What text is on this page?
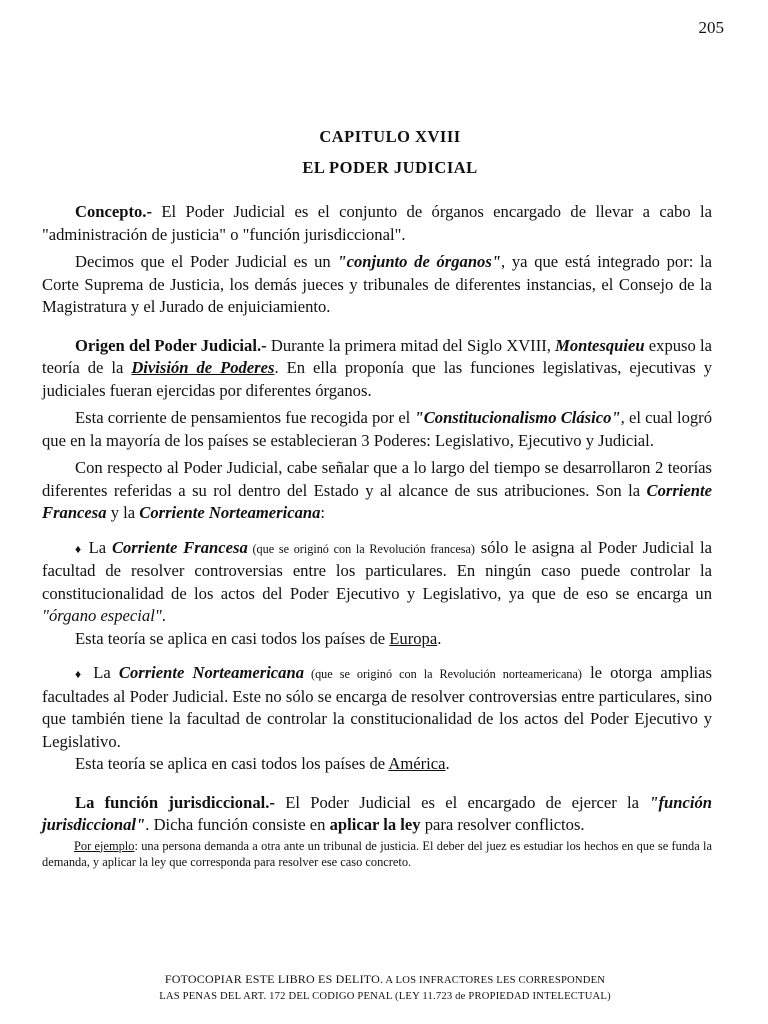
205
CAPITULO XVIII
EL PODER JUDICIAL

Concepto.- El Poder Judicial es el conjunto de órganos encargado de llevar a cabo la "administración de justicia" o "función jurisdiccional".

Decimos que el Poder Judicial es un "conjunto de órganos", ya que está integrado por: la Corte Suprema de Justicia, los demás jueces y tribunales de diferentes instancias, el Consejo de la Magistratura y el Jurado de enjuiciamiento.

Origen del Poder Judicial.- Durante la primera mitad del Siglo XVIII, Montesquieu expuso la teoría de la División de Poderes. En ella proponía que las funciones legislativas, ejecutivas y judiciales fueran ejercidas por diferentes órganos.

Esta corriente de pensamientos fue recogida por el "Constitucionalismo Clásico", el cual logró que en la mayoría de los países se establecieran 3 Poderes: Legislativo, Ejecutivo y Judicial.

Con respecto al Poder Judicial, cabe señalar que a lo largo del tiempo se desarrollaron 2 teorías diferentes referidas a su rol dentro del Estado y al alcance de sus atribuciones. Son la Corriente Francesa y la Corriente Norteamericana:

♦ La Corriente Francesa (que se originó con la Revolución francesa) sólo le asigna al Poder Judicial la facultad de resolver controversias entre los particulares. En ningún caso puede controlar la constitucionalidad de los actos del Poder Ejecutivo y Legislativo, ya que de eso se encarga un "órgano especial".

Esta teoría se aplica en casi todos los países de Europa.

♦ La Corriente Norteamericana (que se originó con la Revolución norteamericana) le otorga amplias facultades al Poder Judicial. Este no sólo se encarga de resolver controversias entre particulares, sino que también tiene la facultad de controlar la constitucionalidad de los actos del Poder Ejecutivo y Legislativo.

Esta teoría se aplica en casi todos los países de América.

La función jurisdiccional.- El Poder Judicial es el encargado de ejercer la "función jurisdiccional". Dicha función consiste en aplicar la ley para resolver conflictos.

Por ejemplo: una persona demanda a otra ante un tribunal de justicia. El deber del juez es estudiar los hechos en que se funda la demanda, y aplicar la ley que corresponda para resolver ese caso concreto.
FOTOCOPIAR ESTE LIBRO ES DELITO. A LOS INFRACTORES LES CORRESPONDEN
LAS PENAS DEL ART. 172 DEL CODIGO PENAL (LEY 11.723 de PROPIEDAD INTELECTUAL)
